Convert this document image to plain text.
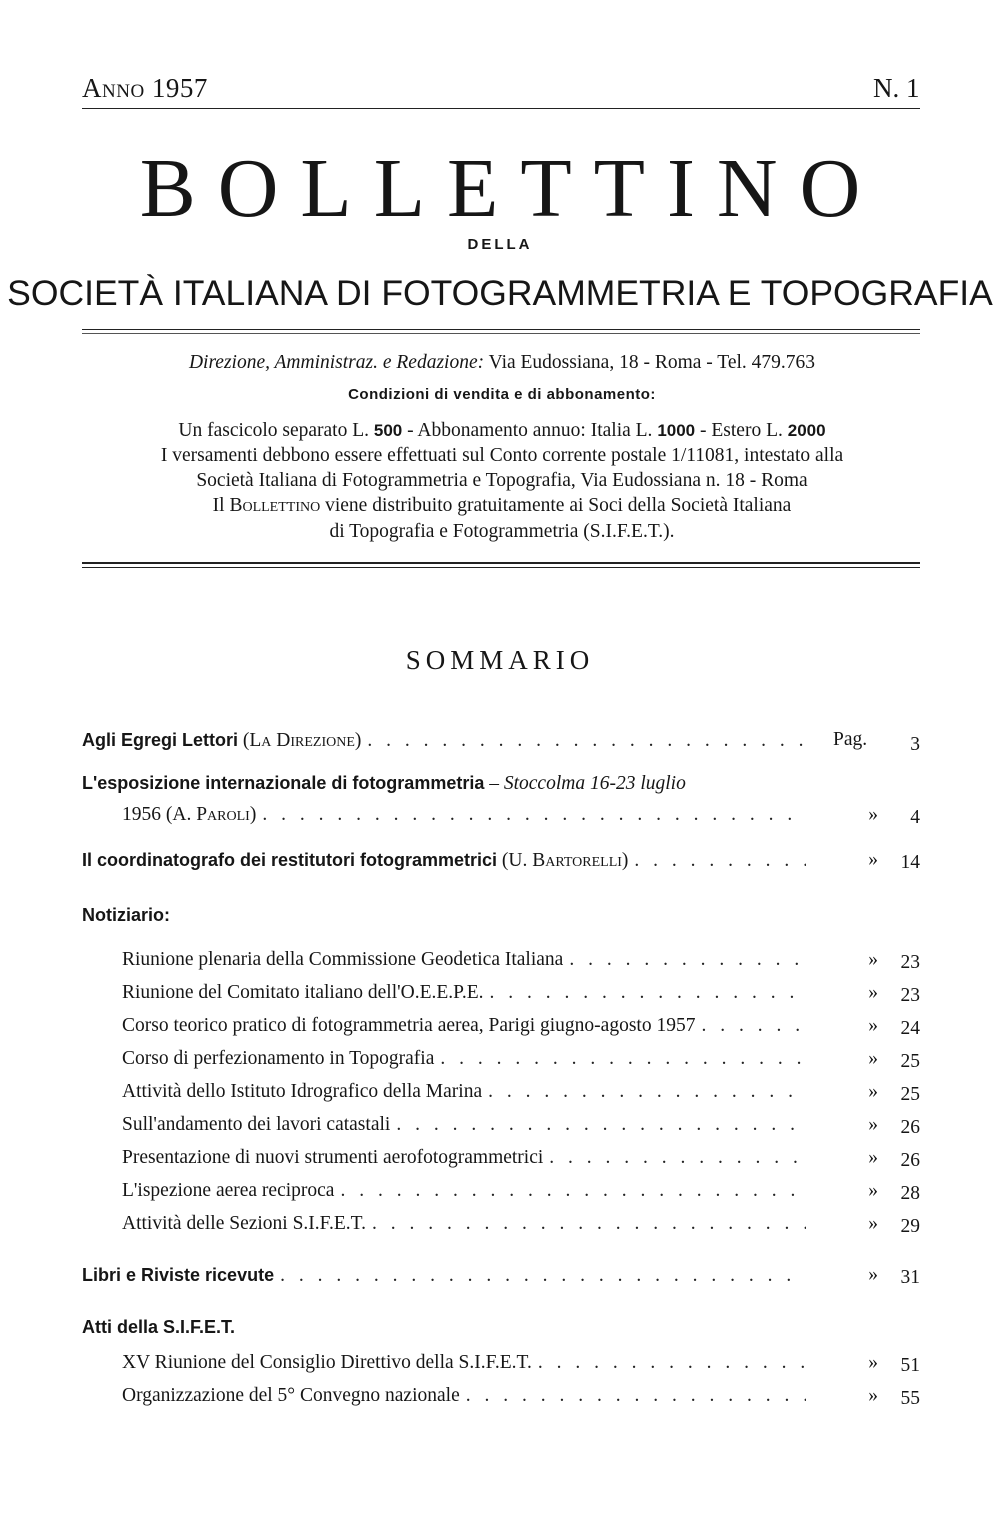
Anno 1957	N. 1
BOLLETTINO
DELLA
SOCIETÀ ITALIANA DI FOTOGRAMMETRIA E TOPOGRAFIA
Direzione, Amministraz. e Redazione: Via Eudossiana, 18 - Roma - Tel. 479.763
Condizioni di vendita e di abbonamento:
Un fascicolo separato L. 500 - Abbonamento annuo: Italia L. 1000 - Estero L. 2000
I versamenti debbono essere effettuati sul Conto corrente postale 1/11081, intestato alla
Società Italiana di Fotogrammetria e Topografia, Via Eudossiana n. 18 - Roma
Il Bollettino viene distribuito gratuitamente ai Soci della Società Italiana
di Topografia e Fotogrammetria (S.I.F.E.T.).
SOMMARIO
Agli Egregi Lettori (La Direzione) . . .	Pag.	3
L'esposizione internazionale di fotogrammetria – Stoccolma 16-23 luglio
1956 (A. Paroli) . . .	»	4
Il coordinatografo dei restitutori fotogrammetrici (U. Bartorelli) . . .	»	14
Notiziario:
Riunione plenaria della Commissione Geodetica Italiana . . .	»	23
Riunione del Comitato italiano dell'O.E.E.P.E. . . .	»	23
Corso teorico pratico di fotogrammetria aerea, Parigi giugno-agosto 1957 . . .	»	24
Corso di perfezionamento in Topografia . . .	»	25
Attività dello Istituto Idrografico della Marina . . .	»	25
Sull'andamento dei lavori catastali . . .	»	26
Presentazione di nuovi strumenti aerofotogrammetrici . . .	»	26
L'ispezione aerea reciproca . . .	»	28
Attività delle Sezioni S.I.F.E.T. . . .	»	29
Libri e Riviste ricevute . . .	»	31
Atti della S.I.F.E.T.
XV Riunione del Consiglio Direttivo della S.I.F.E.T. . . .	»	51
Organizzazione del 5° Convegno nazionale . . .	»	55
